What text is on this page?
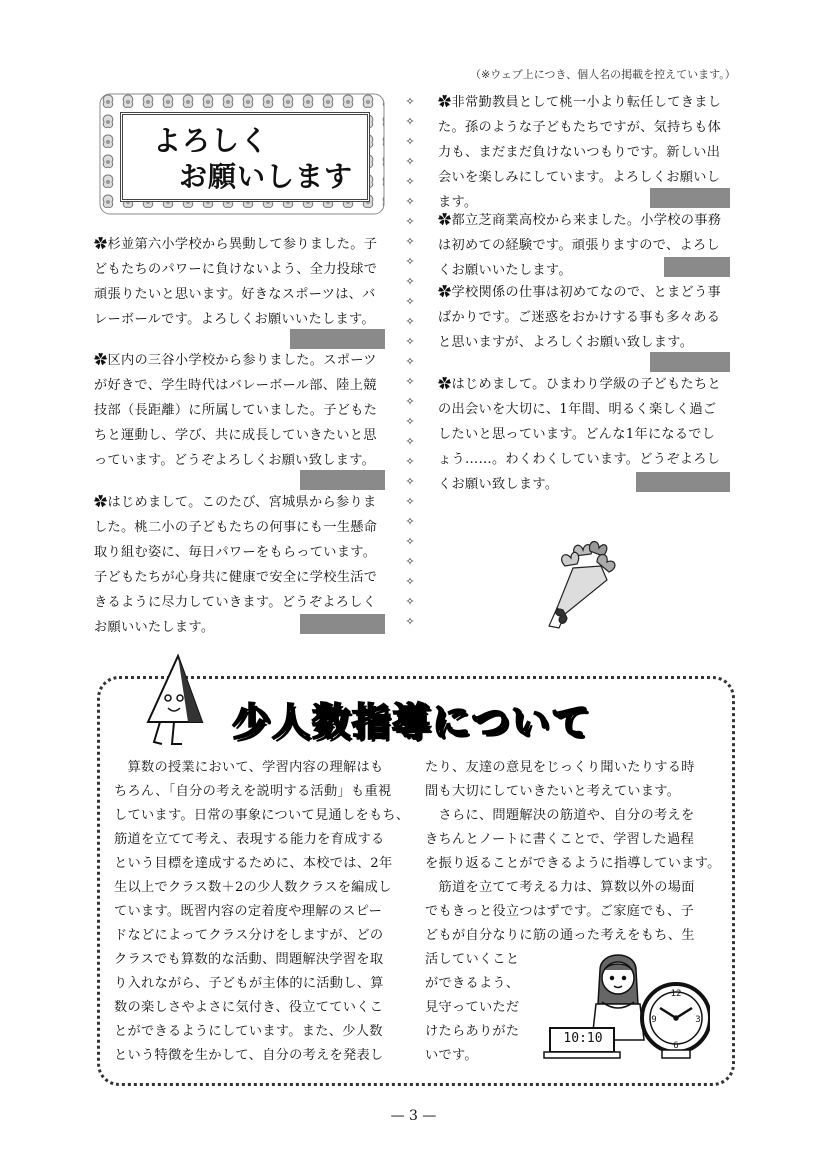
（※ウェブ上につき、個人名の掲載を控えています。）
よろしく
お願いします
✿杉並第六小学校から異動して参りました。子
どもたちのパワーに負けないよう、全力投球で
頑張りたいと思います。好きなスポーツは、バ
レーボールです。よろしくお願いいたします。
✿区内の三谷小学校から参りました。スポーツ
が好きで、学生時代はバレーボール部、陸上競
技部（長距離）に所属していました。子どもた
ちと運動し、学び、共に成長していきたいと思
っています。どうぞよろしくお願い致します。
✿はじめまして。このたび、宮城県から参りま
した。桃二小の子どもたちの何事にも一生懸命
取り組む姿に、毎日パワーをもらっています。
子どもたちが心身共に健康で安全に学校生活で
きるように尽力していきます。どうぞよろしく
お願いいたします。
✧
✧
✧
✧
✧
✧
✧
✧
✧
✧
✧
✧
✧
✧
✧
✧
✧
✧
✧
✧
✧
✧
✧
✧
✧
✧
✧
✿非常勤教員として桃一小より転任してきまし
た。孫のような子どもたちですが、気持ちも体
力も、まだまだ負けないつもりです。新しい出
会いを楽しみにしています。よろしくお願いし
ます。
✿都立芝商業高校から来ました。小学校の事務
は初めての経験です。頑張りますので、よろし
くお願いいたします。
✿学校関係の仕事は初めてなので、とまどう事
ばかりです。ご迷惑をおかけする事も多々ある
と思いますが、よろしくお願い致します。
✿はじめまして。ひまわり学級の子どもたちと
の出会いを大切に、1年間、明るく楽しく過ご
したいと思っています。どんな1年になるでし
ょう……。わくわくしています。どうぞよろし
くお願い致します。
少人数指導について
　算数の授業において、学習内容の理解はも
ちろん、「自分の考えを説明する活動」も重視
しています。日常の事象について見通しをもち、
筋道を立てて考え、表現する能力を育成する
という目標を達成するために、本校では、2年
生以上でクラス数＋2の少人数クラスを編成し
ています。既習内容の定着度や理解のスピー
ドなどによってクラス分けをしますが、どの
クラスでも算数的な活動、問題解決学習を取
り入れながら、子どもが主体的に活動し、算
数の楽しさやよさに気付き、役立てていくこ
とができるようにしています。また、少人数
という特徴を生かして、自分の考えを発表し
たり、友達の意見をじっくり聞いたりする時
間も大切にしていきたいと考えています。
　さらに、問題解決の筋道や、自分の考えを
きちんとノートに書くことで、学習した過程
を振り返ることができるように指導しています。
　筋道を立てて考える力は、算数以外の場面
でもきっと役立つはずです。ご家庭でも、子
どもが自分なりに筋の通った考えをもち、生
活していくこと
ができるよう、
見守っていただ
けたらありがた
いです。
12
3
6
9
10:10
— 3 —
